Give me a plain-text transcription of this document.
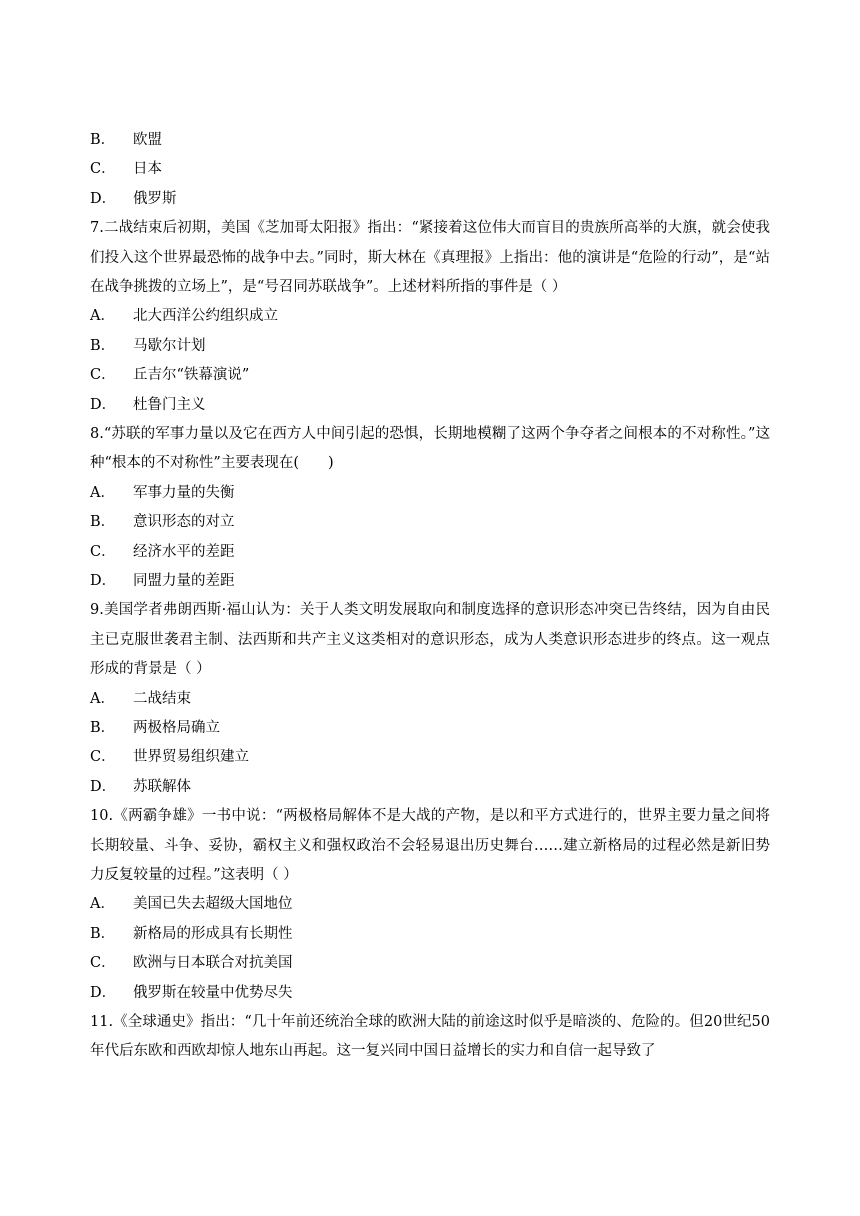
B． 欧盟

C． 日本

D． 俄罗斯

7.二战结束后初期，美国《芝加哥太阳报》指出：“紧接着这位伟大而盲目的贵族所高举的大旗，就会使我们投入这个世界最恐怖的战争中去。”同时，斯大林在《真理报》上指出：他的演讲是“危险的行动”，是“站在战争挑拨的立场上”，是“号召同苏联战争”。上述材料所指的事件是（ ）

A． 北大西洋公约组织成立

B． 马歇尔计划

C． 丘吉尔“铁幕演说”

D． 杜鲁门主义

8.“苏联的军事力量以及它在西方人中间引起的恐惧，长期地模糊了这两个争夺者之间根本的不对称性。”这种“根本的不对称性”主要表现在(　　)

A． 军事力量的失衡

B． 意识形态的对立

C． 经济水平的差距

D． 同盟力量的差距

9.美国学者弗朗西斯·福山认为：关于人类文明发展取向和制度选择的意识形态冲突已告终结，因为自由民主已克服世袭君主制、法西斯和共产主义这类相对的意识形态，成为人类意识形态进步的终点。这一观点形成的背景是（ ）

A． 二战结束

B． 两极格局确立

C． 世界贸易组织建立

D． 苏联解体

10.《两霸争雄》一书中说：“两极格局解体不是大战的产物，是以和平方式进行的，世界主要力量之间将长期较量、斗争、妥协，霸权主义和强权政治不会轻易退出历史舞台……建立新格局的过程必然是新旧势力反复较量的过程。”这表明（ ）

A． 美国已失去超级大国地位

B． 新格局的形成具有长期性

C． 欧洲与日本联合对抗美国

D． 俄罗斯在较量中优势尽失

11.《全球通史》指出：“几十年前还统治全球的欧洲大陆的前途这时似乎是暗淡的、危险的。但20世纪50年代后东欧和西欧却惊人地东山再起。这一复兴同中国日益增长的实力和自信一起导致了
